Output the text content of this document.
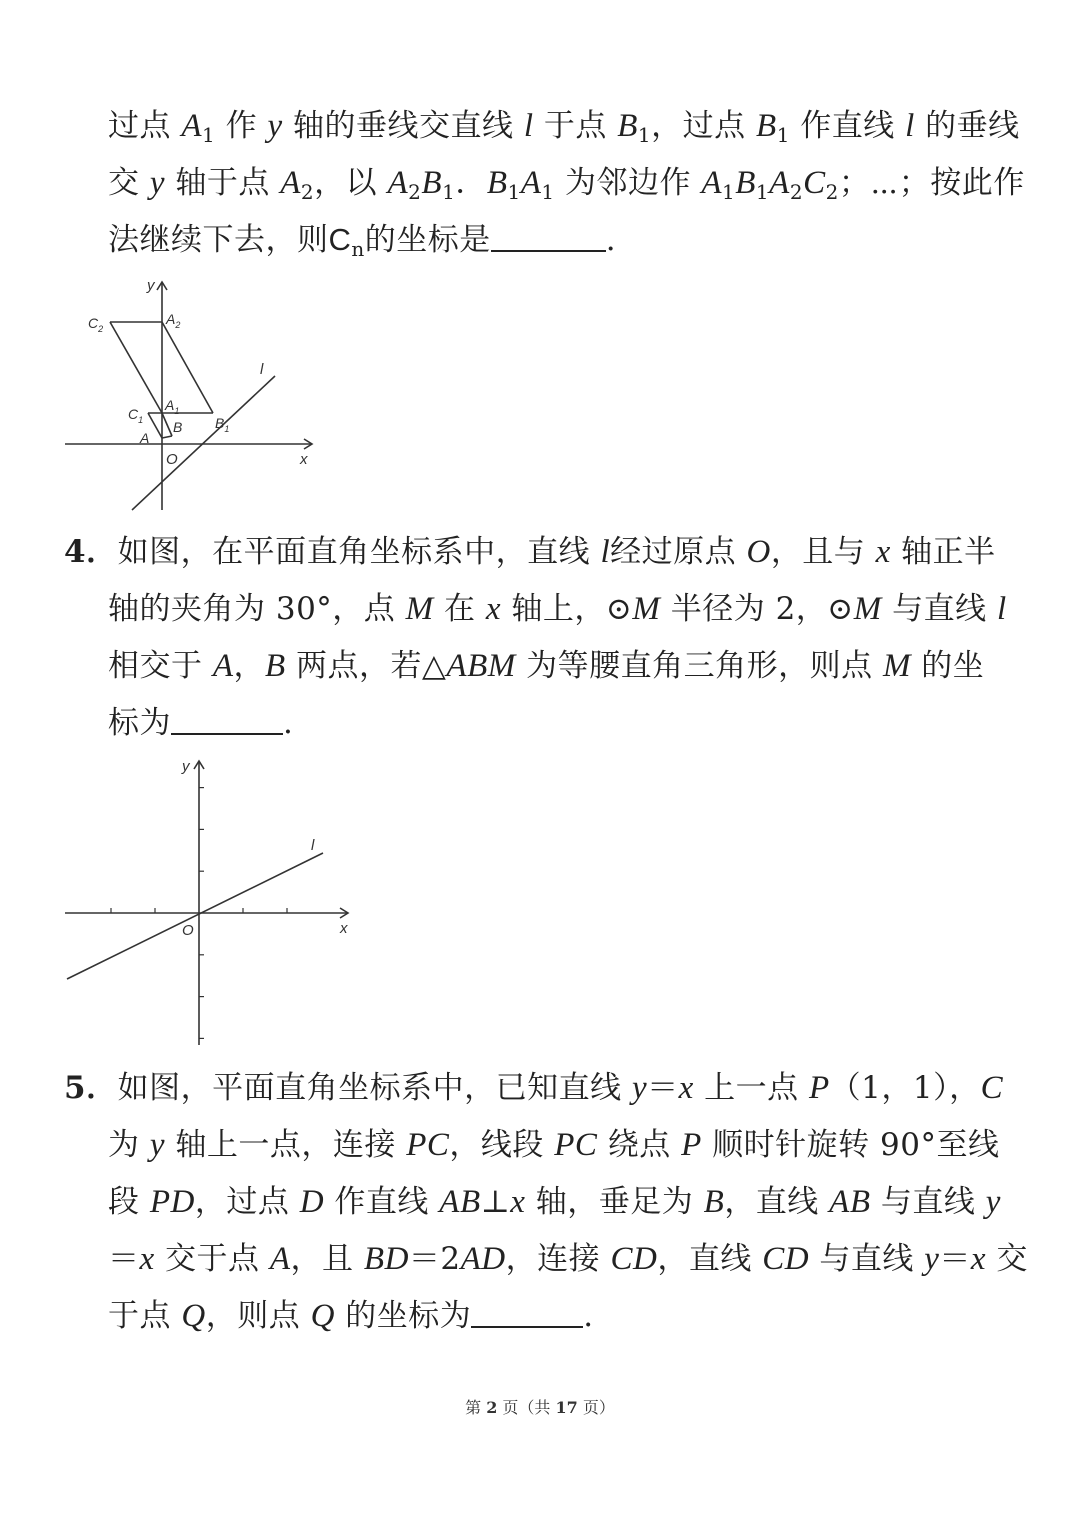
过点 $A_1$ 作 y 轴的垂线交直线 l 于点 $B_1$，过点 $B_1$ 作直线 l 的垂线
交 y 轴于点 $A_2$，以 $A_2B_1$．$B_1A_1$ 为邻边作 $A_1B_1A_2C_2$；⋯；按此作
法继续下去，则$C_n$的坐标是	.
y
x
O
l
A
B
$A_1$
$B_1$
$C_1$
$A_2$
$C_2$
4．如图，在平面直角坐标系中，直线 l经过原点 O，且与 x 轴正半
轴的夹角为 30°，点 M 在 x 轴上，⊙M 半径为 2，⊙M 与直线 l
相交于 A，B 两点，若△ABM 为等腰直角三角形，则点 M 的坐
标为	.
y
x
O
l
5．如图，平面直角坐标系中，已知直线 y＝x 上一点 P（1，1），C
为 y 轴上一点，连接 PC，线段 PC 绕点 P 顺时针旋转 90°至线
段 PD，过点 D 作直线 AB⊥x 轴，垂足为 B，直线 AB 与直线 y
＝x 交于点 A，且 BD＝2AD，连接 CD，直线 CD 与直线 y＝x 交
于点 Q，则点 Q 的坐标为	.
第 2 页（共 17 页）
